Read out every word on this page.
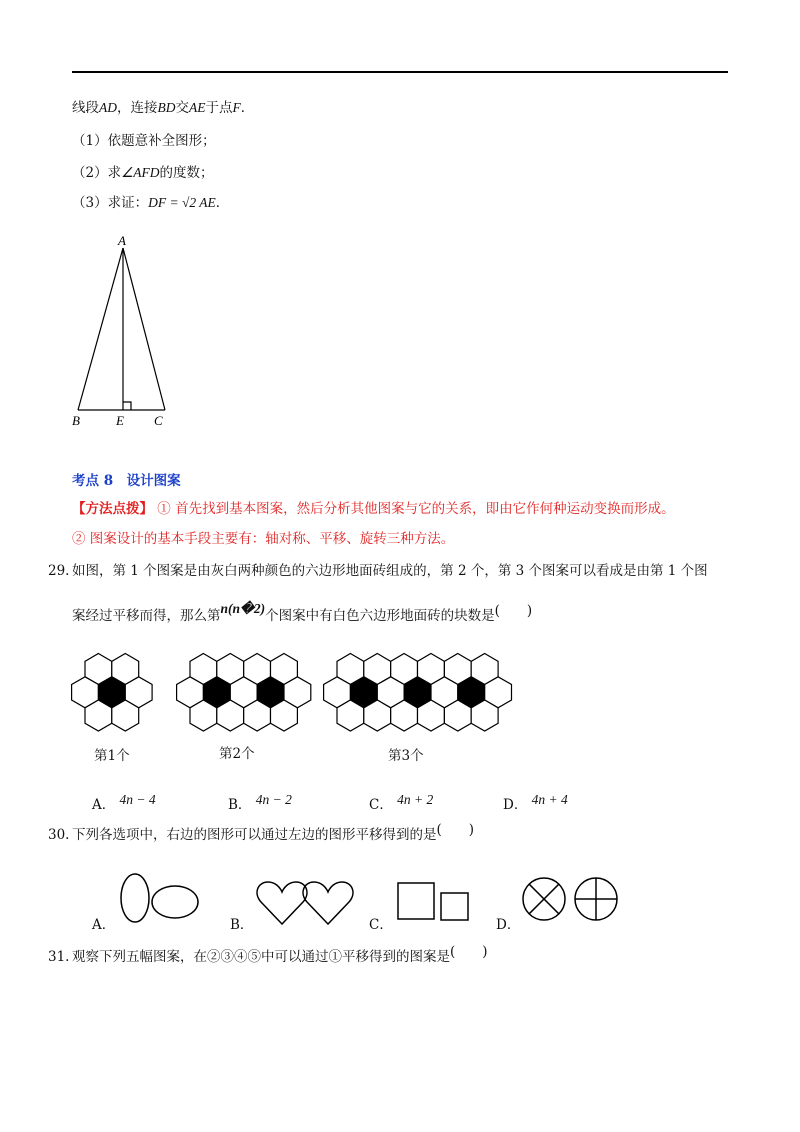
线段AD，连接BD交AE于点F．
（1）依题意补全图形；
（2）求∠AFD的度数；
（3）求证：DF = √2 AE．
A
B	E C
考点 8　设计图案
【方法点拨】 ① 首先找到基本图案，然后分析其他图案与它的关系，即由它作何种运动变换而形成。
② 图案设计的基本手段主要有：轴对称、平移、旋转三种方法。
29. 如图，第 1 个图案是由灰白两种颜色的六边形地面砖组成的，第 2 个，第 3 个图案可以看成是由第 1 个图
案经过平移而得，那么第n(n�2)个图案中有白色六边形地面砖的块数是(　　)
第1个	第2个	第3个
A． 4n − 4	B． 4n − 2	C． 4n + 2	D． 4n + 4
30. 下列各选项中，右边的图形可以通过左边的图形平移得到的是(　　)
A．	B．	C．	D．
31. 观察下列五幅图案，在②③④⑤中可以通过①平移得到的图案是(　　)
